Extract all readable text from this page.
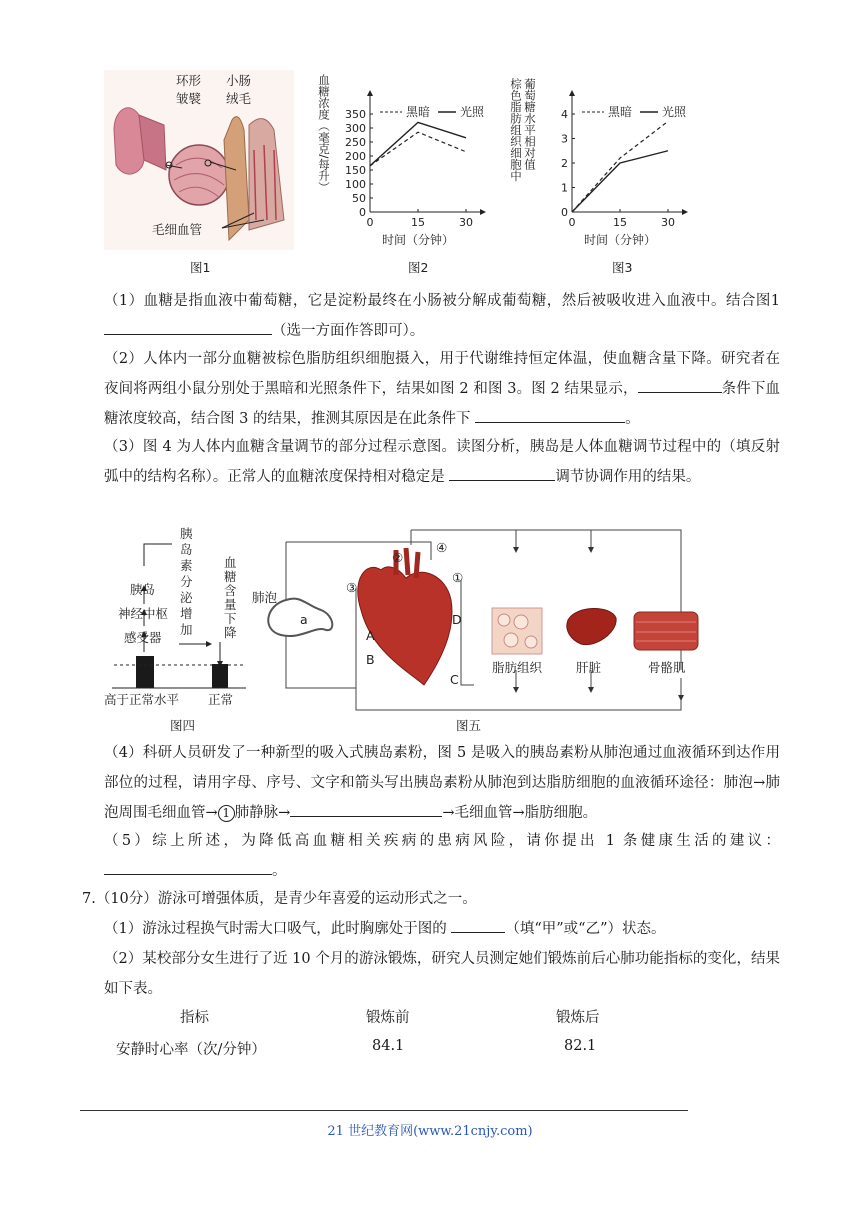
环形
皱襞
小肠
绒毛
毛细血管
图1
0
50
100
150
200
250
300
350
0	15	30
时间（分钟）
血糖浓度（毫克/每升）	黑暗 光照
图2
0
1
2
3
4
0	15	30
时间（分钟）
棕色脂肪组织细胞中 葡萄糖水平相对值	黑暗 光照
图3
（1）血糖是指血液中葡萄糖，它是淀粉最终在小肠被分解成葡萄糖，然后被吸收进入血液中。结合图1（选一方面作答即可）。
（2）人体内一部分血糖被棕色脂肪组织细胞摄入，用于代谢维持恒定体温，使血糖含量下降。研究者在夜间将两组小鼠分别处于黑暗和光照条件下，结果如图 2 和图 3。图 2 结果显示，	条件下血糖浓度较高，结合图 3 的结果，推测其原因是在此条件下	。
（3）图 4 为人体内血糖含量调节的部分过程示意图。读图分析，胰岛是人体血糖调节过程中的（填反射弧中的结构名称）。正常人的血糖浓度保持相对稳定是	调节协调作用的结果。
胰岛
神经中枢
感受器
胰岛素分泌增加
血糖含量下降
高于正常水平 正常
图四
肺泡
a
①
②
③
④
A
B
C
D
脂肪组织	肝脏	骨骼肌
图五
（4）科研人员研发了一种新型的吸入式胰岛素粉，图 5 是吸入的胰岛素粉从肺泡通过血液循环到达作用部位的过程，请用字母、序号、文字和箭头写出胰岛素粉从肺泡到达脂肪细胞的血液循环途径：肺泡→肺泡周围毛细血管→ 1 肺静脉→	→毛细血管→脂肪细胞。
（5）综上所述，为降低高血糖相关疾病的患病风险，请你提出 1 条健康生活的建议：。
7.（10分）游泳可增强体质，是青少年喜爱的运动形式之一。
（1）游泳过程换气时需大口吸气，此时胸廓处于图的	（填“甲”或“乙”）状态。
（2）某校部分女生进行了近 10 个月的游泳锻炼，研究人员测定她们锻炼前后心肺功能指标的变化，结果如下表。
指标	锻炼前	锻炼后
安静时心率（次/分钟）	84.1	82.1
21 世纪教育网(www.21cnjy.com)
